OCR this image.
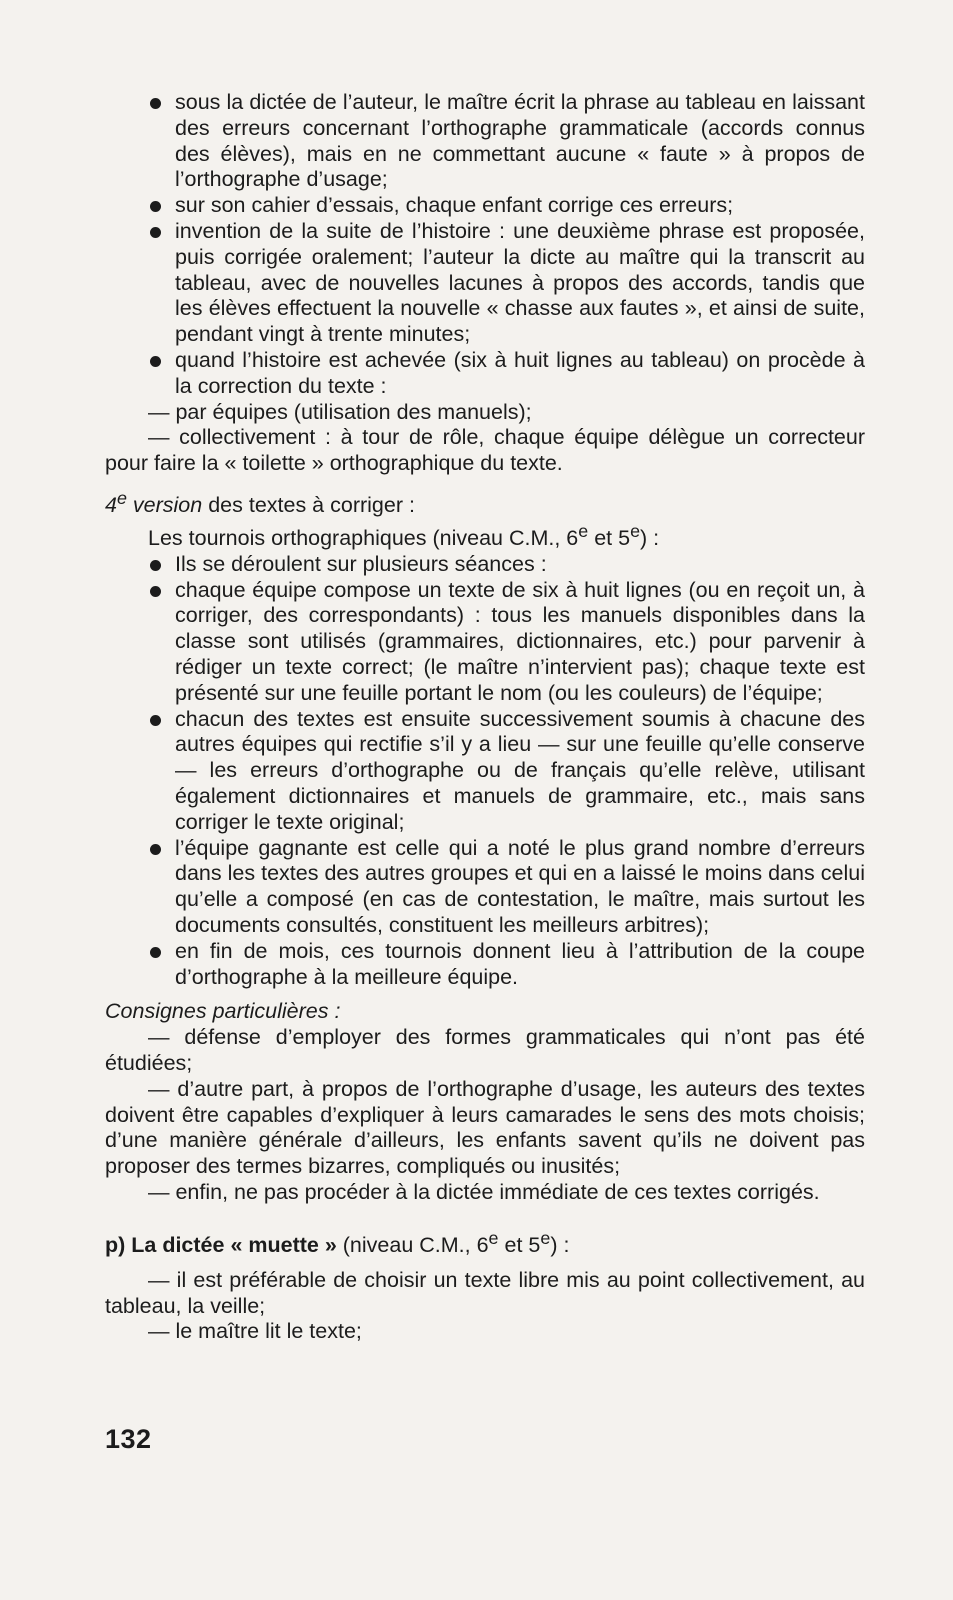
sous la dictée de l’auteur, le maître écrit la phrase au tableau en laissant des erreurs concernant l’orthographe grammaticale (accords connus des élèves), mais en ne commettant aucune « faute » à propos de l’orthographe d’usage;

sur son cahier d’essais, chaque enfant corrige ces erreurs;

invention de la suite de l’histoire : une deuxième phrase est proposée, puis corrigée oralement; l’auteur la dicte au maître qui la transcrit au tableau, avec de nouvelles lacunes à propos des accords, tandis que les élèves effectuent la nouvelle « chasse aux fautes », et ainsi de suite, pendant vingt à trente minutes;

quand l’histoire est achevée (six à huit lignes au tableau) on procède à la correction du texte :

— par équipes (utilisation des manuels);

— collectivement : à tour de rôle, chaque équipe délègue un correcteur pour faire la « toilette » orthographique du texte.

4e version des textes à corriger :

Les tournois orthographiques (niveau C.M., 6e et 5e) :

Ils se déroulent sur plusieurs séances :

chaque équipe compose un texte de six à huit lignes (ou en reçoit un, à corriger, des correspondants) : tous les manuels disponibles dans la classe sont utilisés (grammaires, dictionnaires, etc.) pour parvenir à rédiger un texte correct; (le maître n’intervient pas); chaque texte est présenté sur une feuille portant le nom (ou les couleurs) de l’équipe;

chacun des textes est ensuite successivement soumis à chacune des autres équipes qui rectifie s’il y a lieu — sur une feuille qu’elle conserve — les erreurs d’orthographe ou de français qu’elle relève, utilisant également dictionnaires et manuels de grammaire, etc., mais sans corriger le texte original;

l’équipe gagnante est celle qui a noté le plus grand nombre d’erreurs dans les textes des autres groupes et qui en a laissé le moins dans celui qu’elle a composé (en cas de contestation, le maître, mais surtout les documents consultés, constituent les meilleurs arbitres);

en fin de mois, ces tournois donnent lieu à l’attribution de la coupe d’orthographe à la meilleure équipe.

Consignes particulières :

— défense d’employer des formes grammaticales qui n’ont pas été étudiées;

— d’autre part, à propos de l’orthographe d’usage, les auteurs des textes doivent être capables d’expliquer à leurs camarades le sens des mots choisis; d’une manière générale d’ailleurs, les enfants savent qu’ils ne doivent pas proposer des termes bizarres, compliqués ou inusités;

— enfin, ne pas procéder à la dictée immédiate de ces textes corrigés.

p) La dictée « muette » (niveau C.M., 6e et 5e) :

— il est préférable de choisir un texte libre mis au point collectivement, au tableau, la veille;

— le maître lit le texte;

132
